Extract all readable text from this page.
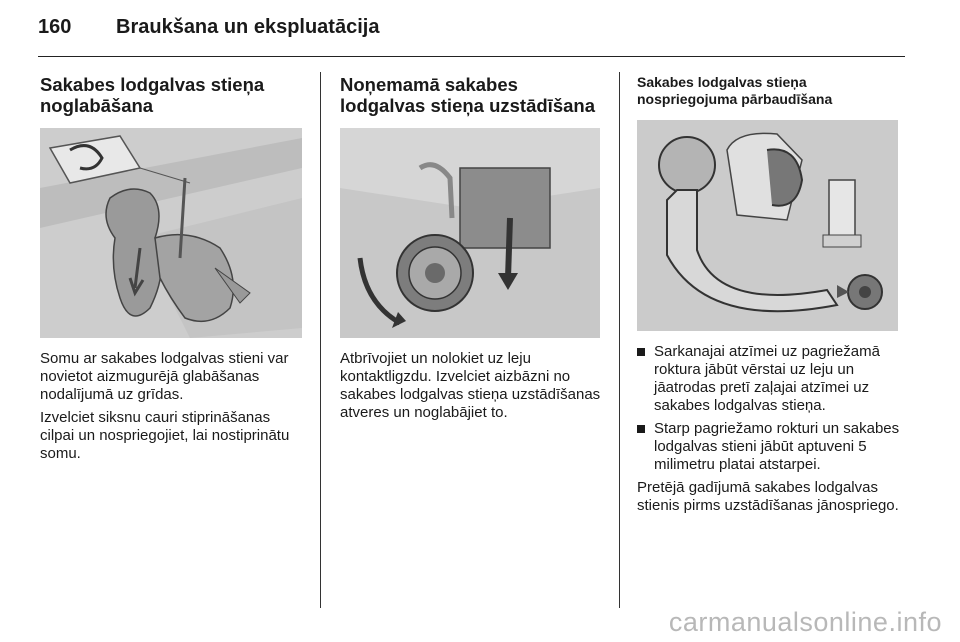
160 Braukšana un ekspluatācija
Sakabes lodgalvas stieņa noglabāšana

Somu ar sakabes lodgalvas stieni var novietot aizmugurējā glabāšanas nodalījumā uz grīdas.

Izvelciet siksnu cauri stiprināšanas cilpai un nospriegojiet, lai nostiprinātu somu.

Noņemamā sakabes lodgalvas stieņa uzstādīšana

Atbrīvojiet un nolokiet uz leju kontaktligzdu. Izvelciet aizbāzni no sakabes lodgalvas stieņa uzstādīšanas atveres un noglabājiet to.

Sakabes lodgalvas stieņa nospriegojuma pārbaudīšana
Sarkanajai atzīmei uz pagriežamā roktura jābūt vērstai uz leju un jāatrodas pretī zaļajai atzīmei uz sakabes lodgalvas stieņa.
Starp pagriežamo rokturi un sakabes lodgalvas stieni jābūt aptuveni 5 milimetru platai atstarpei.

Pretējā gadījumā sakabes lodgalvas stienis pirms uzstādīšanas jānospriego.

carmanualsonline.info
